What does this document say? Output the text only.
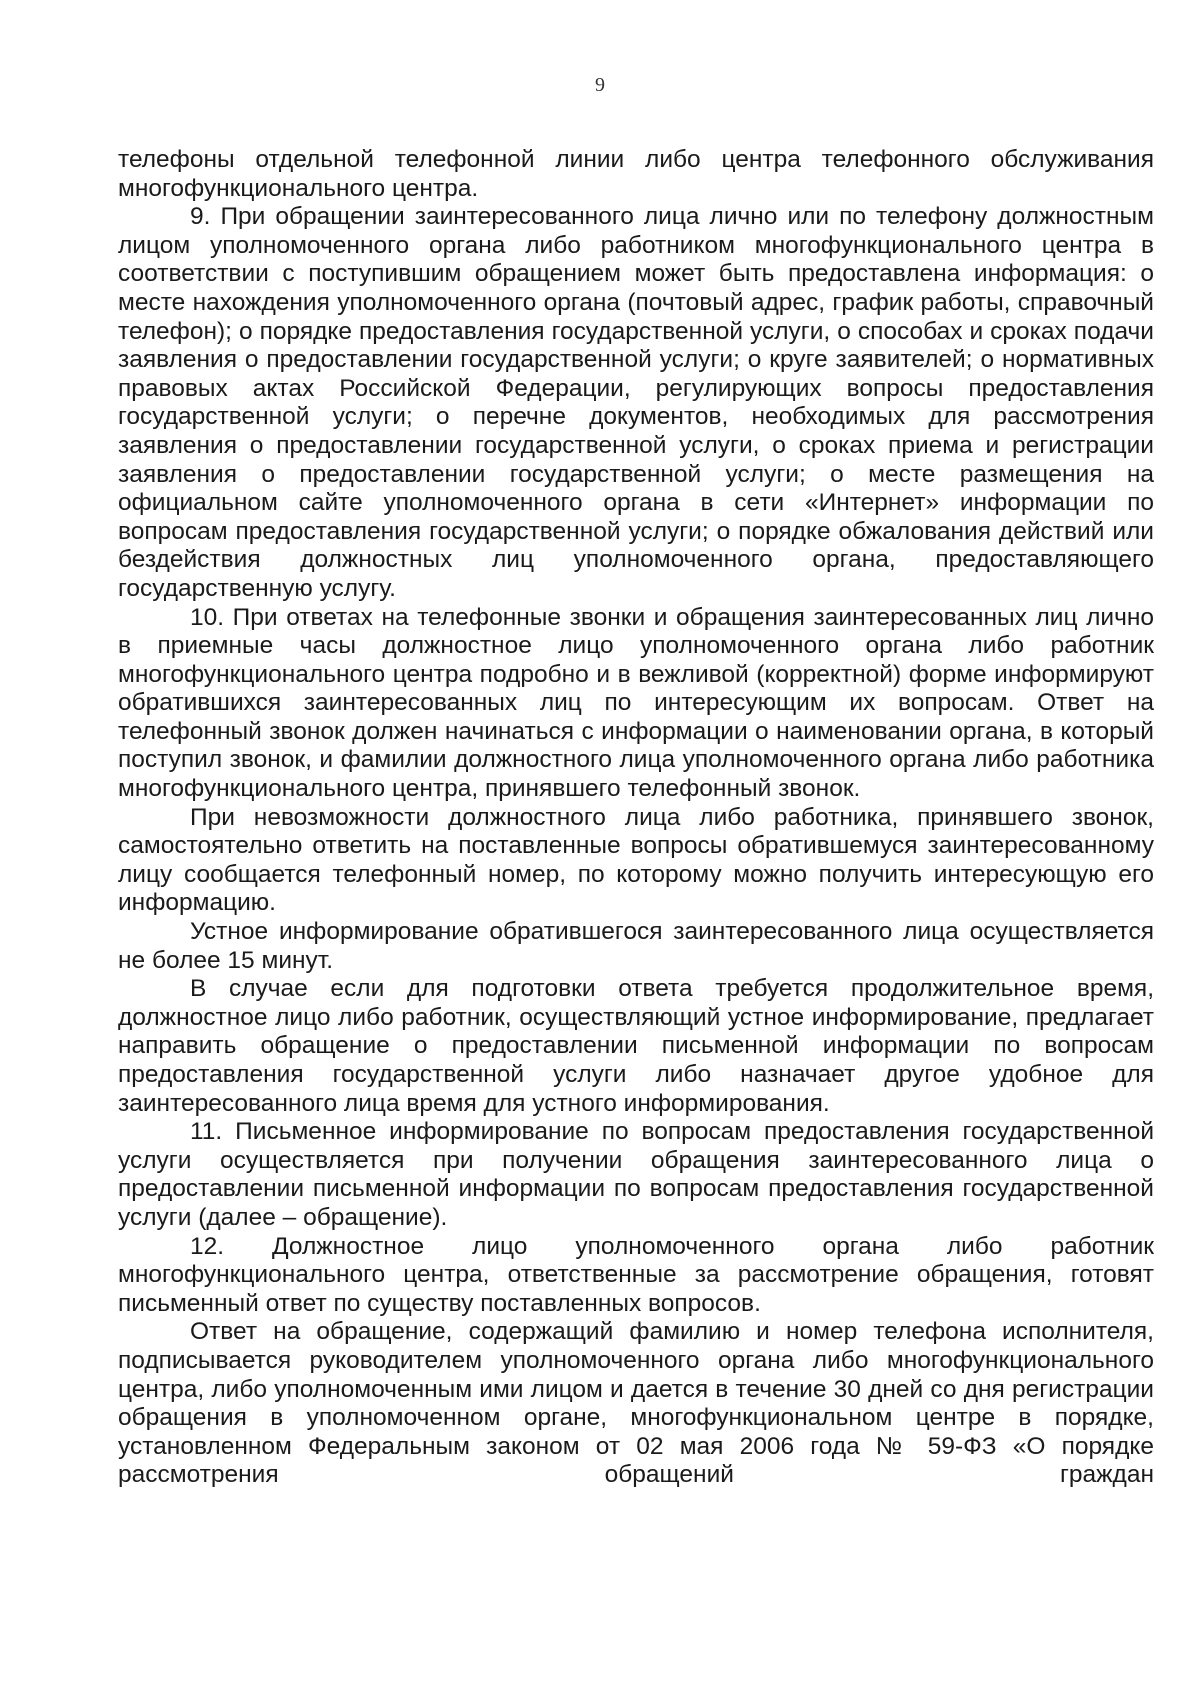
9

телефоны отдельной телефонной линии либо центра телефонного обслуживания многофункционального центра.

9. При обращении заинтересованного лица лично или по телефону должностным лицом уполномоченного органа либо работником многофункционального центра в соответствии с поступившим обращением может быть предоставлена информация: о месте нахождения уполномоченного органа (почтовый адрес, график работы, справочный телефон); о порядке предоставления государственной услуги, о способах и сроках подачи заявления о предоставлении государственной услуги; о круге заявителей; о нормативных правовых актах Российской Федерации, регулирующих вопросы предоставления государственной услуги; о перечне документов, необходимых для рассмотрения заявления о предоставлении государственной услуги, о сроках приема и регистрации заявления о предоставлении государственной услуги; о месте размещения на официальном сайте уполномоченного органа в сети «Интернет» информации по вопросам предоставления государственной услуги; о порядке обжалования действий или бездействия должностных лиц уполномоченного органа, предоставляющего государственную услугу.

10. При ответах на телефонные звонки и обращения заинтересованных лиц лично в приемные часы должностное лицо уполномоченного органа либо работник многофункционального центра подробно и в вежливой (корректной) форме информируют обратившихся заинтересованных лиц по интересующим их вопросам. Ответ на телефонный звонок должен начинаться с информации о наименовании органа, в который поступил звонок, и фамилии должностного лица уполномоченного органа либо работника многофункционального центра, принявшего телефонный звонок.

При невозможности должностного лица либо работника, принявшего звонок, самостоятельно ответить на поставленные вопросы обратившемуся заинтересованному лицу сообщается телефонный номер, по которому можно получить интересующую его информацию.

Устное информирование обратившегося заинтересованного лица осуществляется не более 15 минут.

В случае если для подготовки ответа требуется продолжительное время, должностное лицо либо работник, осуществляющий устное информирование, предлагает направить обращение о предоставлении письменной информации по вопросам предоставления государственной услуги либо назначает другое удобное для заинтересованного лица время для устного информирования.

11. Письменное информирование по вопросам предоставления государственной услуги осуществляется при получении обращения заинтересованного лица о предоставлении письменной информации по вопросам предоставления государственной услуги (далее – обращение).

12. Должностное лицо уполномоченного органа либо работник многофункционального центра, ответственные за рассмотрение обращения, готовят письменный ответ по существу поставленных вопросов.

Ответ на обращение, содержащий фамилию и номер телефона исполнителя, подписывается руководителем уполномоченного органа либо многофункционального центра, либо уполномоченным ими лицом и дается в течение 30 дней со дня регистрации обращения в уполномоченном органе, многофункциональном центре в порядке, установленном Федеральным законом от 02 мая 2006 года № 59-ФЗ «О порядке рассмотрения обращений граждан
